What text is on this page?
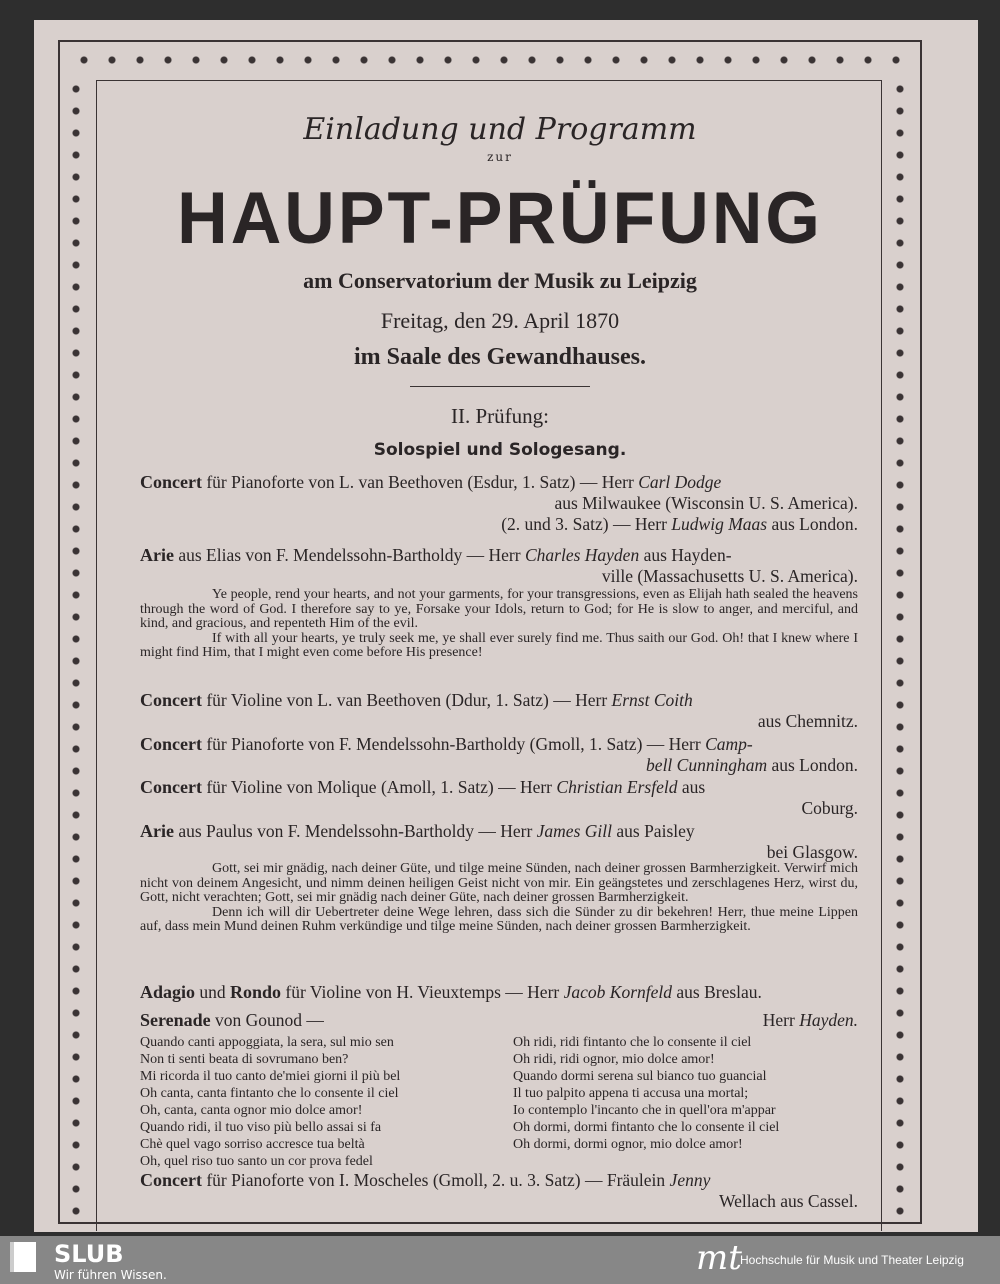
Einladung und Programm
zur
HAUPT-PRÜFUNG
am Conservatorium der Musik zu Leipzig
Freitag, den 29. April 1870
im Saale des Gewandhauses.
II. Prüfung:
Solospiel und Sologesang.
Concert für Pianoforte von L. van Beethoven (Esdur, 1. Satz) — Herr Carl Dodge
aus Milwaukee (Wisconsin U. S. America).
(2. und 3. Satz) — Herr Ludwig Maas aus London.
Arie aus Elias von F. Mendelssohn-Bartholdy — Herr Charles Hayden aus Hayden-
ville (Massachusetts U. S. America).

Ye people, rend your hearts, and not your garments, for your transgressions, even as Elijah hath sealed the heavens through the word of God. I therefore say to ye, Forsake your Idols, return to God; for He is slow to anger, and merciful, and kind, and gracious, and repenteth Him of the evil.

If with all your hearts, ye truly seek me, ye shall ever surely find me. Thus saith our God. Oh! that I knew where I might find Him, that I might even come before His presence!

Concert für Violine von L. van Beethoven (Ddur, 1. Satz) — Herr Ernst Coith
aus Chemnitz.
Concert für Pianoforte von F. Mendelssohn-Bartholdy (Gmoll, 1. Satz) — Herr Camp-
bell Cunningham aus London.
Concert für Violine von Molique (Amoll, 1. Satz) — Herr Christian Ersfeld aus
Coburg.
Arie aus Paulus von F. Mendelssohn-Bartholdy — Herr James Gill aus Paisley
bei Glasgow.

Gott, sei mir gnädig, nach deiner Güte, und tilge meine Sünden, nach deiner grossen Barmherzigkeit. Verwirf mich nicht von deinem Angesicht, und nimm deinen heiligen Geist nicht von mir. Ein geängstetes und zerschlagenes Herz, wirst du, Gott, nicht verachten; Gott, sei mir gnädig nach deiner Güte, nach deiner grossen Barmherzigkeit.

Denn ich will dir Uebertreter deine Wege lehren, dass sich die Sünder zu dir bekehren! Herr, thue meine Lippen auf, dass mein Mund deinen Ruhm verkündige und tilge meine Sünden, nach deiner grossen Barmherzigkeit.

Adagio und Rondo für Violine von H. Vieuxtemps — Herr Jacob Kornfeld aus Breslau.
Serenade von Gounod —	Herr Hayden.
Quando canti appoggiata, la sera, sul mio sen
Non ti senti beata di sovrumano ben?
Mi ricorda il tuo canto de'miei giorni il più bel
Oh canta, canta fintanto che lo consente il ciel
Oh, canta, canta ognor mio dolce amor!
Quando ridi, il tuo viso più bello assai si fa
Chè quel vago sorriso accresce tua beltà
Oh, quel riso tuo santo un cor prova fedel
Oh ridi, ridi fintanto che lo consente il ciel
Oh ridi, ridi ognor, mio dolce amor!
Quando dormi serena sul bianco tuo guancial
Il tuo palpito appena ti accusa una mortal;
Io contemplo l'incanto che in quell'ora m'appar
Oh dormi, dormi fintanto che lo consente il ciel
Oh dormi, dormi ognor, mio dolce amor!
Concert für Pianoforte von I. Moscheles (Gmoll, 2. u. 3. Satz) — Fräulein Jenny
Wellach aus Cassel.
SLUB
Wir führen Wissen.	mt
Hochschule für Musik und Theater Leipzig
